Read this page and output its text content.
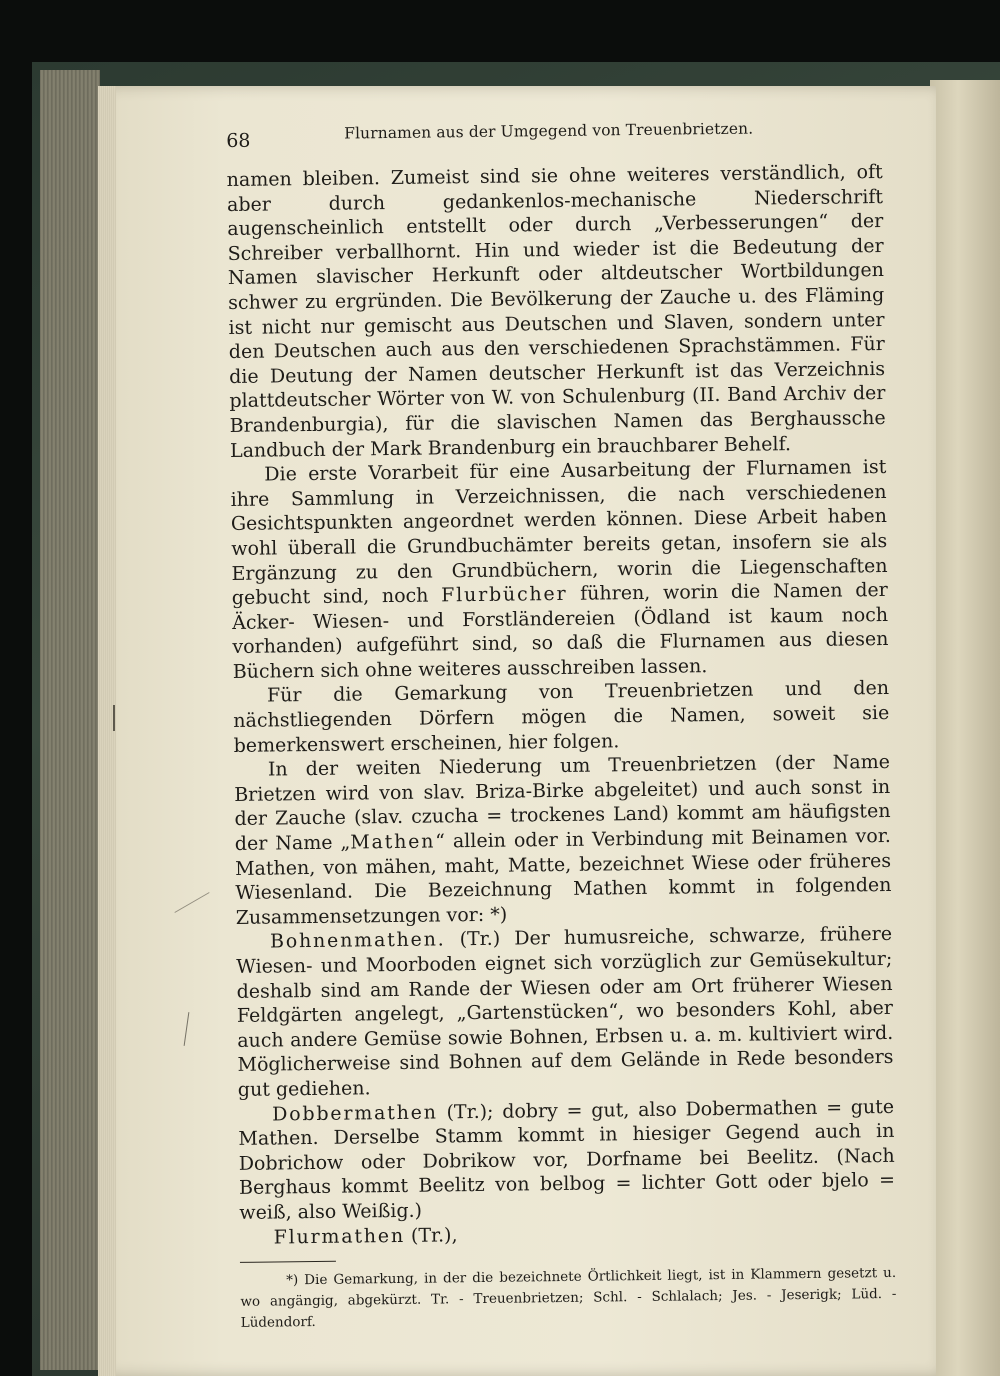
68	Flurnamen aus der Umgegend von Treuenbrietzen.

namen bleiben. Zumeist sind sie ohne weiteres verständlich, oft aber durch gedankenlos-mechanische Niederschrift augenscheinlich entstellt oder durch „Verbesserungen“ der Schreiber verballhornt. Hin und wieder ist die Bedeutung der Namen slavischer Herkunft oder altdeutscher Wortbildungen schwer zu ergründen. Die Bevölkerung der Zauche u. des Fläming ist nicht nur gemischt aus Deutschen und Slaven, sondern unter den Deutschen auch aus den verschiedenen Sprachstämmen. Für die Deutung der Namen deutscher Herkunft ist das Verzeichnis plattdeutscher Wörter von W. von Schulenburg (II. Band Archiv der Brandenburgia), für die slavischen Namen das Berghaussche Landbuch der Mark Brandenburg ein brauchbarer Behelf.

Die erste Vorarbeit für eine Ausarbeitung der Flurnamen ist ihre Sammlung in Verzeichnissen, die nach verschiedenen Gesichtspunkten angeordnet werden können. Diese Arbeit haben wohl überall die Grundbuchämter bereits getan, insofern sie als Ergänzung zu den Grundbüchern, worin die Liegenschaften gebucht sind, noch Flurbücher führen, worin die Namen der Äcker- Wiesen- und Forstländereien (Ödland ist kaum noch vorhanden) aufgeführt sind, so daß die Flurnamen aus diesen Büchern sich ohne weiteres ausschreiben lassen.

Für die Gemarkung von Treuenbrietzen und den nächstliegenden Dörfern mögen die Namen, soweit sie bemerkenswert erscheinen, hier folgen.

In der weiten Niederung um Treuenbrietzen (der Name Brietzen wird von slav. Briza-Birke abgeleitet) und auch sonst in der Zauche (slav. czucha = trockenes Land) kommt am häufigsten der Name „Mathen“ allein oder in Verbindung mit Beinamen vor. Mathen, von mähen, maht, Matte, bezeichnet Wiese oder früheres Wiesenland. Die Bezeichnung Mathen kommt in folgenden Zusammensetzungen vor: *)

Bohnenmathen. (Tr.) Der humusreiche, schwarze, frühere Wiesen- und Moorboden eignet sich vorzüglich zur Gemüsekultur; deshalb sind am Rande der Wiesen oder am Ort früherer Wiesen Feldgärten angelegt, „Gartenstücken“, wo besonders Kohl, aber auch andere Gemüse sowie Bohnen, Erbsen u. a. m. kultiviert wird. Möglicherweise sind Bohnen auf dem Gelände in Rede besonders gut gediehen.

Dobbermathen (Tr.); dobry = gut, also Dobermathen = gute Mathen. Derselbe Stamm kommt in hiesiger Gegend auch in Dobrichow oder Dobrikow vor, Dorfname bei Beelitz. (Nach Berghaus kommt Beelitz von belbog = lichter Gott oder bjelo = weiß, also Weißig.)

Flurmathen (Tr.),

*) Die Gemarkung, in der die bezeichnete Örtlichkeit liegt, ist in Klammern gesetzt u. wo angängig, abgekürzt. Tr. - Treuenbrietzen; Schl. - Schlalach; Jes. - Jeserigk; Lüd. - Lüdendorf.
